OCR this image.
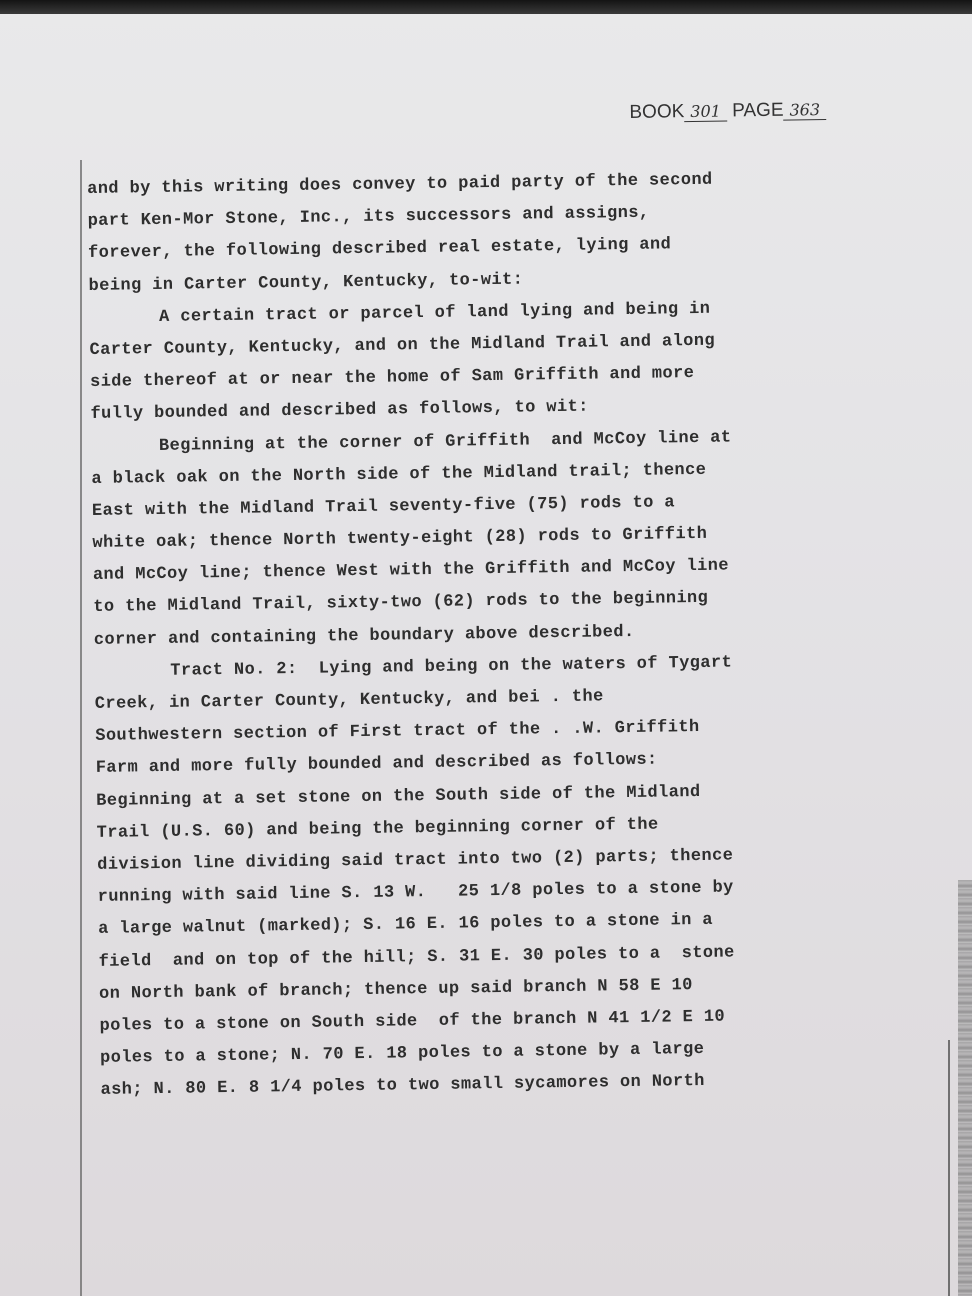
BOOK 301 PAGE 363
and by this writing does convey to paid party of the second
part Ken-Mor Stone, Inc., its successors and assigns,
forever, the following described real estate, lying and
being in Carter County, Kentucky, to-wit:
A certain tract or parcel of land lying and being in
Carter County, Kentucky, and on the Midland Trail and along
side thereof at or near the home of Sam Griffith and more
fully bounded and described as follows, to wit:
Beginning at the corner of Griffith  and McCoy line at
a black oak on the North side of the Midland trail; thence
East with the Midland Trail seventy-five (75) rods to a
white oak; thence North twenty-eight (28) rods to Griffith
and McCoy line; thence West with the Griffith and McCoy line
to the Midland Trail, sixty-two (62) rods to the beginning
corner and containing the boundary above described.
Tract No. 2:  Lying and being on the waters of Tygart
Creek, in Carter County, Kentucky, and bei . the
Southwestern section of First tract of the . .W. Griffith
Farm and more fully bounded and described as follows:
Beginning at a set stone on the South side of the Midland
Trail (U.S. 60) and being the beginning corner of the
division line dividing said tract into two (2) parts; thence
running with said line S. 13 W.   25 1/8 poles to a stone by
a large walnut (marked); S. 16 E. 16 poles to a stone in a
field  and on top of the hill; S. 31 E. 30 poles to a  stone
on North bank of branch; thence up said branch N 58 E 10
poles to a stone on South side  of the branch N 41 1/2 E 10
poles to a stone; N. 70 E. 18 poles to a stone by a large
ash; N. 80 E. 8 1/4 poles to two small sycamores on North
